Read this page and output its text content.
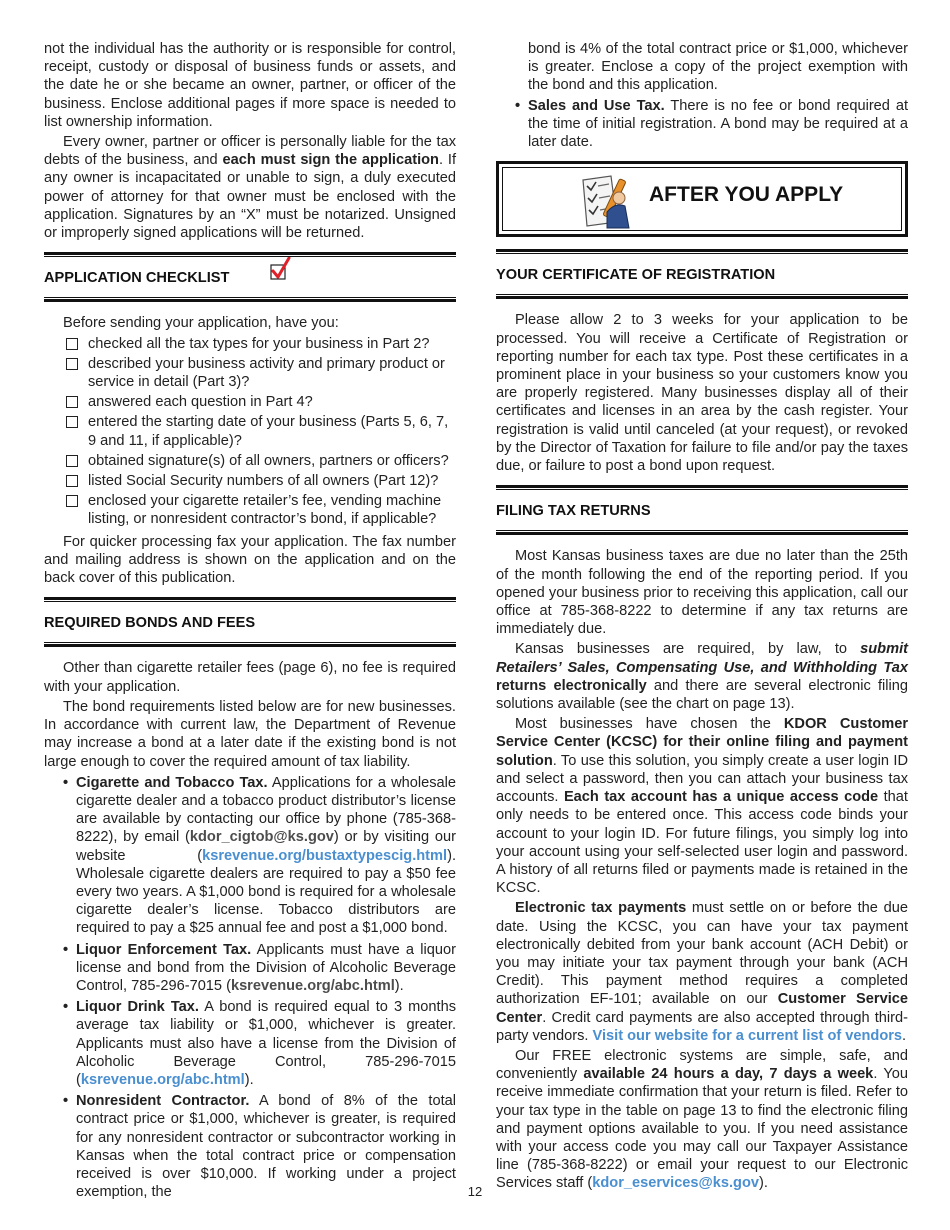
not the individual has the authority or is responsible for control, receipt, custody or disposal of business funds or assets, and the date he or she became an owner, partner, or officer of the business. Enclose additional pages if more space is needed to list ownership information.

Every owner, partner or officer is personally liable for the tax debts of the business, and each must sign the application. If any owner is incapacitated or unable to sign, a duly executed power of attorney for that owner must be enclosed with the application. Signatures by an “X” must be notarized. Unsigned or improperly signed applications will be returned.

APPLICATION CHECKLIST

Before sending your application, have you:

checked all the tax types for your business in Part 2?
described your business activity and primary product or service in detail (Part 3)?
answered each question in Part 4?
entered the starting date of your business (Parts 5, 6, 7, 9 and 11, if applicable)?
obtained signature(s) of all owners, partners or officers?
listed Social Security numbers of all owners (Part 12)?
enclosed your cigarette retailer’s fee, vending machine listing, or nonresident contractor’s bond, if applicable?

For quicker processing fax your application. The fax number and mailing address is shown on the application and on the back cover of this publication.

REQUIRED BONDS AND FEES

Other than cigarette retailer fees (page 6), no fee is required with your application.

The bond requirements listed below are for new businesses. In accordance with current law, the Department of Revenue may increase a bond at a later date if the existing bond is not large enough to cover the required amount of tax liability.

• Cigarette and Tobacco Tax. Applications for a wholesale cigarette dealer and a tobacco product distributor’s license are available by contacting our office by phone (785-368-8222), by email (kdor_cigtob@ks.gov) or by visiting our website (ksrevenue.org/bustaxtypescig.html). Wholesale cigarette dealers are required to pay a $50 fee every two years. A $1,000 bond is required for a wholesale cigarette dealer’s license. Tobacco distributors are required to pay a $25 annual fee and post a $1,000 bond.
• Liquor Enforcement Tax. Applicants must have a liquor license and bond from the Division of Alcoholic Beverage Control, 785-296-7015 (ksrevenue.org/abc.html).
• Liquor Drink Tax. A bond is required equal to 3 months average tax liability or $1,000, whichever is greater. Applicants must also have a license from the Division of Alcoholic Beverage Control, 785-296-7015 (ksrevenue.org/abc.html).
• Nonresident Contractor. A bond of 8% of the total contract price or $1,000, whichever is greater, is required for any nonresident contractor or subcontractor working in Kansas when the total contract price or compensation received is over $10,000. If working under a project exemption, the

bond is 4% of the total contract price or $1,000, whichever is greater. Enclose a copy of the project exemption with the bond and this application.

• Sales and Use Tax. There is no fee or bond required at the time of initial registration. A bond may be required at a later date.
AFTER YOU APPLY
YOUR CERTIFICATE OF REGISTRATION

Please allow 2 to 3 weeks for your application to be processed. You will receive a Certificate of Registration or reporting number for each tax type. Post these certificates in a prominent place in your business so your customers know you are properly registered. Many businesses display all of their certificates and licenses in an area by the cash register. Your registration is valid until canceled (at your request), or revoked by the Director of Taxation for failure to file and/or pay the taxes due, or failure to post a bond upon request.

FILING TAX RETURNS

Most Kansas business taxes are due no later than the 25th of the month following the end of the reporting period. If you opened your business prior to receiving this application, call our office at 785-368-8222 to determine if any tax returns are immediately due.

Kansas businesses are required, by law, to submit Retailers’ Sales, Compensating Use, and Withholding Tax returns electronically and there are several electronic filing solutions available (see the chart on page 13).

Most businesses have chosen the KDOR Customer Service Center (KCSC) for their online filing and payment solution. To use this solution, you simply create a user login ID and select a password, then you can attach your business tax accounts. Each tax account has a unique access code that only needs to be entered once. This access code binds your account to your login ID. For future filings, you simply log into your account using your self-selected user login and password. A history of all returns filed or payments made is retained in the KCSC.

Electronic tax payments must settle on or before the due date. Using the KCSC, you can have your tax payment electronically debited from your bank account (ACH Debit) or you may initiate your tax payment through your bank (ACH Credit). This payment method requires a completed authorization EF-101; available on our Customer Service Center. Credit card payments are also accepted through third-party vendors. Visit our website for a current list of vendors.

Our FREE electronic systems are simple, safe, and conveniently available 24 hours a day, 7 days a week. You receive immediate confirmation that your return is filed. Refer to your tax type in the table on page 13 to find the electronic filing and payment options available to you. If you need assistance with your access code you may call our Taxpayer Assistance line (785-368-8222) or email your request to our Electronic Services staff (kdor_eservices@ks.gov).

12
